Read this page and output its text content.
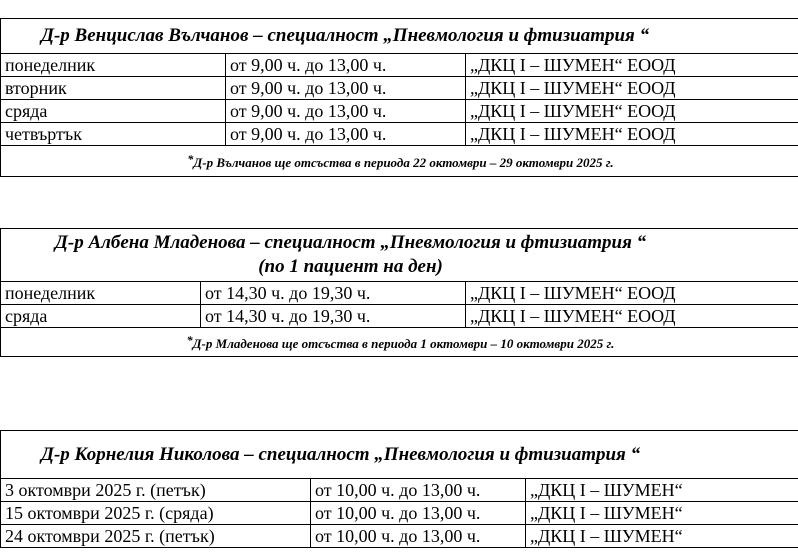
Д-р Венцислав Вълчанов – специалност „Пневмология и фтизиатрия “		
понеделник	от 9,00 ч. до 13,00 ч.	„ДКЦ I – ШУМЕН“ ЕООД
вторник	от 9,00 ч. до 13,00 ч.	„ДКЦ I – ШУМЕН“ ЕООД
сряда	от 9,00 ч. до 13,00 ч.	„ДКЦ I – ШУМЕН“ ЕООД
четвъртък	от 9,00 ч. до 13,00 ч.	„ДКЦ I – ШУМЕН“ ЕООД
*Д-р Вълчанов ще отсъства в периода 22 октомври – 29 октомври 2025 г.		
Д-р Албена Младенова – специалност „Пневмология и фтизиатрия “
(по 1 пациент на ден)		

понеделник	от 14,30 ч. до 19,30 ч.	„ДКЦ I – ШУМЕН“ ЕООД
сряда	от 14,30 ч. до 19,30 ч.	„ДКЦ I – ШУМЕН“ ЕООД
*Д-р Младенова ще отсъства в периода 1 октомври – 10 октомври 2025 г.		
Д-р Корнелия Николова – специалност „Пневмология и фтизиатрия “		
3 октомври 2025 г. (петък)	от 10,00 ч. до 13,00 ч.	„ДКЦ I – ШУМЕН“
15 октомври 2025 г. (сряда)	от 10,00 ч. до 13,00 ч.	„ДКЦ I – ШУМЕН“
24 октомври 2025 г. (петък)	от 10,00 ч. до 13,00 ч.	„ДКЦ I – ШУМЕН“
